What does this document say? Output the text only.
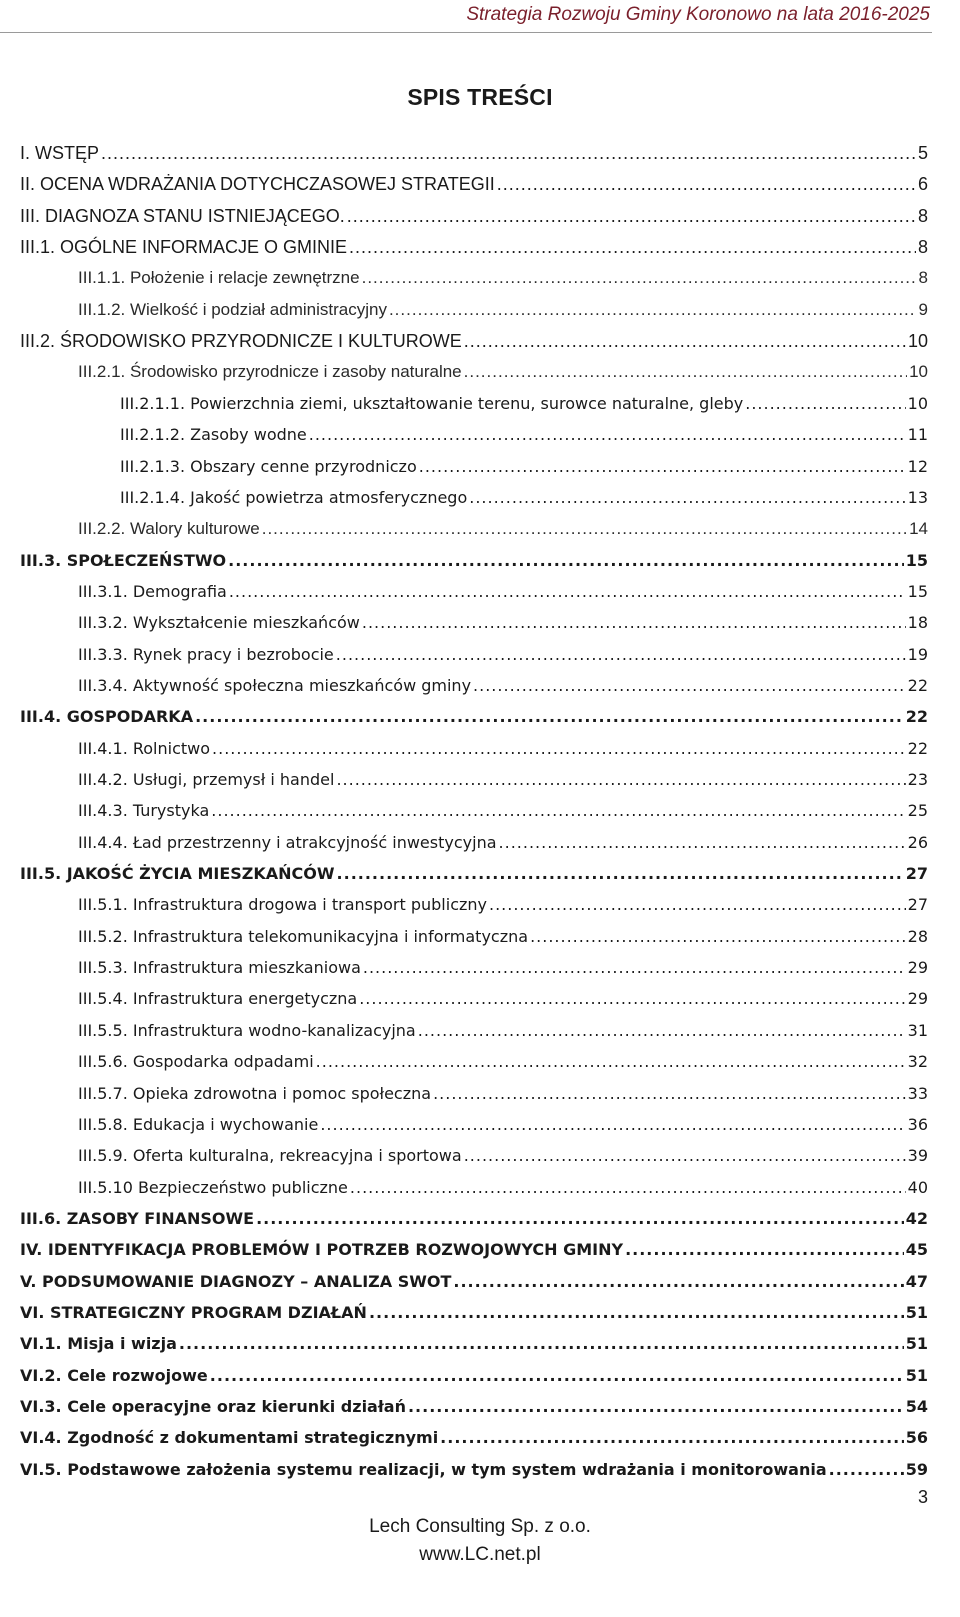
Strategia Rozwoju Gminy Koronowo na lata 2016-2025
SPIS TREŚCI
I. WSTĘP .....	5
II. OCENA WDRAŻANIA DOTYCHCZASOWEJ STRATEGII .....	6
III. DIAGNOZA STANU ISTNIEJĄCEGO. .....	8
III.1. OGÓLNE INFORMACJE O GMINIE .....	8
III.1.1. Położenie i relacje zewnętrzne .....	8
III.1.2. Wielkość i podział administracyjny .....	9
III.2. ŚRODOWISKO PRZYRODNICZE I KULTUROWE .....	10
III.2.1. Środowisko przyrodnicze i zasoby naturalne .....	10
III.2.1.1. Powierzchnia ziemi, ukształtowanie terenu, surowce naturalne, gleby .....	10
III.2.1.2. Zasoby wodne .....	11
III.2.1.3. Obszary cenne przyrodniczo .....	12
III.2.1.4. Jakość powietrza atmosferycznego .....	13
III.2.2. Walory kulturowe .....	14
III.3. SPOŁECZEŃSTWO .....	15
III.3.1. Demografia .....	15
III.3.2. Wykształcenie mieszkańców .....	18
III.3.3. Rynek pracy i bezrobocie .....	19
III.3.4. Aktywność społeczna mieszkańców gminy .....	22
III.4. GOSPODARKA .....	22
III.4.1. Rolnictwo .....	22
III.4.2. Usługi, przemysł i handel .....	23
III.4.3. Turystyka .....	25
III.4.4. Ład przestrzenny i atrakcyjność inwestycyjna .....	26
III.5. JAKOŚĆ ŻYCIA MIESZKAŃCÓW .....	27
III.5.1. Infrastruktura drogowa i transport publiczny .....	27
III.5.2. Infrastruktura telekomunikacyjna i informatyczna .....	28
III.5.3. Infrastruktura mieszkaniowa .....	29
III.5.4. Infrastruktura energetyczna .....	29
III.5.5. Infrastruktura wodno-kanalizacyjna .....	31
III.5.6. Gospodarka odpadami .....	32
III.5.7. Opieka zdrowotna i pomoc społeczna .....	33
III.5.8. Edukacja i wychowanie .....	36
III.5.9. Oferta kulturalna, rekreacyjna i sportowa .....	39
III.5.10 Bezpieczeństwo publiczne .....	40
III.6. ZASOBY FINANSOWE .....	42
IV. IDENTYFIKACJA PROBLEMÓW I POTRZEB ROZWOJOWYCH GMINY .....	45
V. PODSUMOWANIE DIAGNOZY – ANALIZA SWOT .....	47
VI. STRATEGICZNY PROGRAM DZIAŁAŃ .....	51
VI.1. Misja i wizja .....	51
VI.2. Cele rozwojowe .....	51
VI.3. Cele operacyjne oraz kierunki działań .....	54
VI.4. Zgodność z dokumentami strategicznymi .....	56
VI.5. Podstawowe założenia systemu realizacji, w tym system wdrażania i monitorowania .....	59
3
Lech Consulting Sp. z o.o.
www.LC.net.pl
